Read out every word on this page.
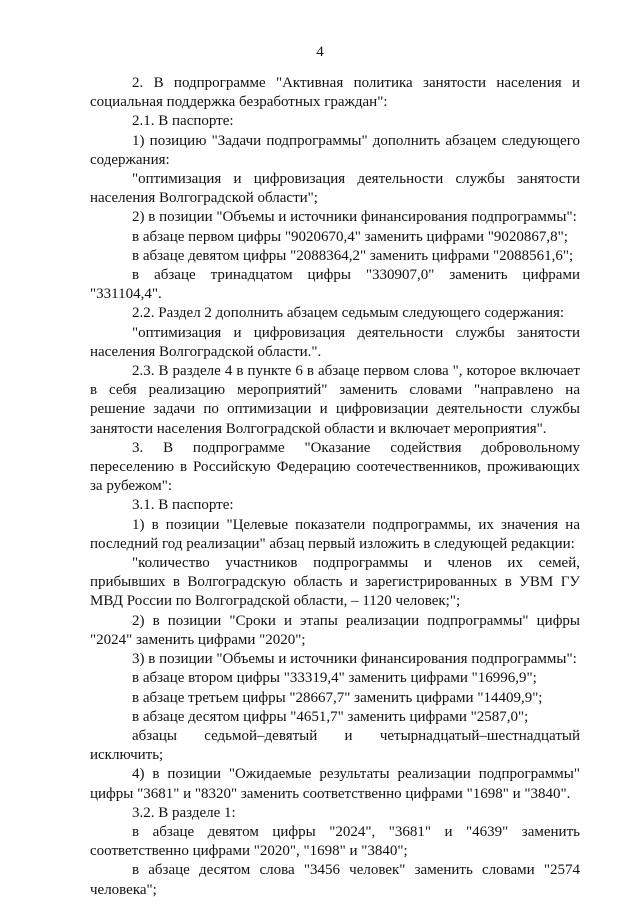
4

2. В подпрограмме "Активная политика занятости населения и социальная поддержка безработных граждан":

2.1. В паспорте:

1) позицию "Задачи подпрограммы" дополнить абзацем следующего содержания:

"оптимизация и цифровизация деятельности службы занятости населения Волгоградской области";

2) в позиции "Объемы и источники финансирования подпрограммы":

в абзаце первом цифры "9020670,4" заменить цифрами "9020867,8";

в абзаце девятом цифры "2088364,2" заменить цифрами "2088561,6";

в абзаце тринадцатом цифры "330907,0" заменить цифрами "331104,4".

2.2. Раздел 2 дополнить абзацем седьмым следующего содержания:

"оптимизация и цифровизация деятельности службы занятости населения Волгоградской области.".

2.3. В разделе 4 в пункте 6 в абзаце первом слова ", которое включает в себя реализацию мероприятий" заменить словами "направлено на решение задачи по оптимизации и цифровизации деятельности службы занятости населения Волгоградской области и включает мероприятия".

3. В подпрограмме "Оказание содействия добровольному переселению в Российскую Федерацию соотечественников, проживающих за рубежом":

3.1. В паспорте:

1) в позиции "Целевые показатели подпрограммы, их значения на последний год реализации" абзац первый изложить в следующей редакции:

"количество участников подпрограммы и членов их семей, прибывших в Волгоградскую область и зарегистрированных в УВМ ГУ МВД России по Волгоградской области, – 1120 человек;";

2) в позиции "Сроки и этапы реализации подпрограммы" цифры "2024" заменить цифрами "2020";

3) в позиции "Объемы и источники финансирования подпрограммы":

в абзаце втором цифры "33319,4" заменить цифрами "16996,9";

в абзаце третьем цифры "28667,7" заменить цифрами "14409,9";

в абзаце десятом цифры "4651,7" заменить цифрами "2587,0";

абзацы седьмой–девятый и четырнадцатый–шестнадцатый исключить;

4) в позиции "Ожидаемые результаты реализации подпрограммы" цифры "3681" и "8320" заменить соответственно цифрами "1698" и "3840".

3.2. В разделе 1:

в абзаце девятом цифры "2024", "3681" и "4639" заменить соответственно цифрами "2020", "1698" и "3840";

в абзаце десятом слова "3456 человек" заменить словами "2574 человека";
